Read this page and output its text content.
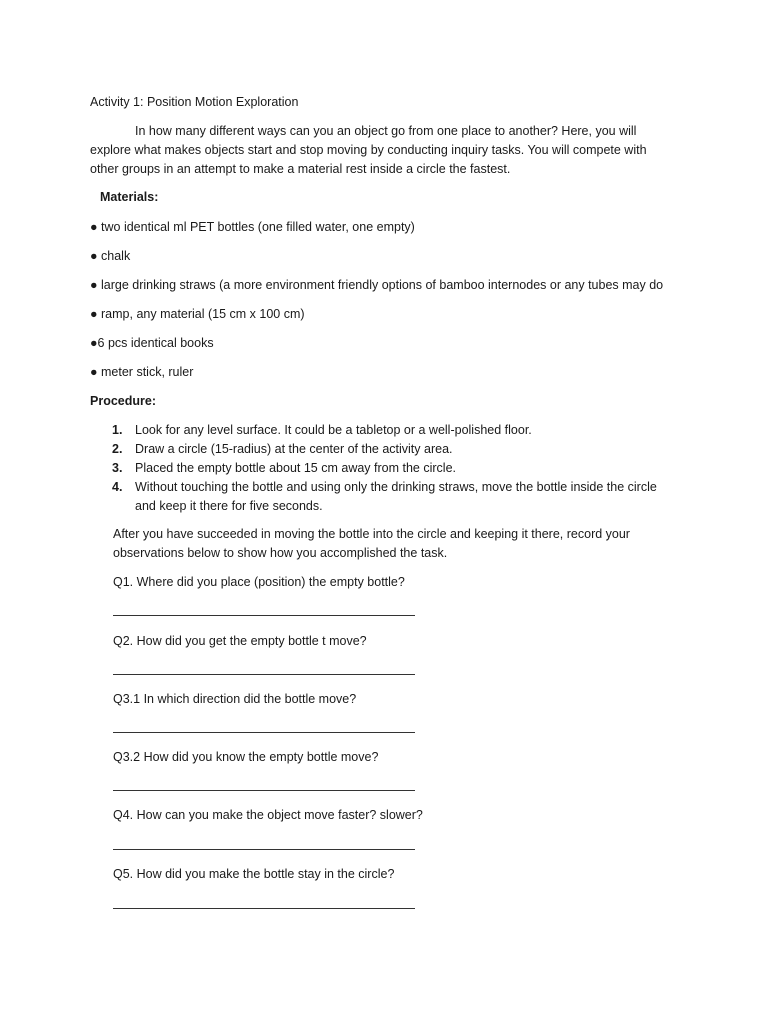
Activity 1: Position Motion Exploration
In how many different ways can you an object go from one place to another? Here, you will
explore what makes objects start and stop moving by conducting inquiry tasks. You will compete with
other groups in an attempt to make a material rest inside a circle the fastest.
Materials:
● two identical ml PET bottles (one filled water, one empty)
● chalk
● large drinking straws (a more environment friendly options of bamboo internodes or any tubes may do
● ramp, any material (15 cm x 100 cm)
●6 pcs identical books
● meter stick, ruler
Procedure:
1. Look for any level surface. It could be a tabletop or a well-polished floor.
2. Draw a circle (15-radius) at the center of the activity area.
3. Placed the empty bottle about 15 cm away from the circle.
4. Without touching the bottle and using only the drinking straws, move the bottle inside the circle
and keep it there for five seconds.
After you have succeeded in moving the bottle into the circle and keeping it there, record your
observations below to show how you accomplished the task.
Q1. Where did you place (position) the empty bottle?
Q2. How did you get the empty bottle t move?
Q3.1 In which direction did the bottle move?
Q3.2 How did you know the empty bottle move?
Q4. How can you make the object move faster? slower?
Q5. How did you make the bottle stay in the circle?
